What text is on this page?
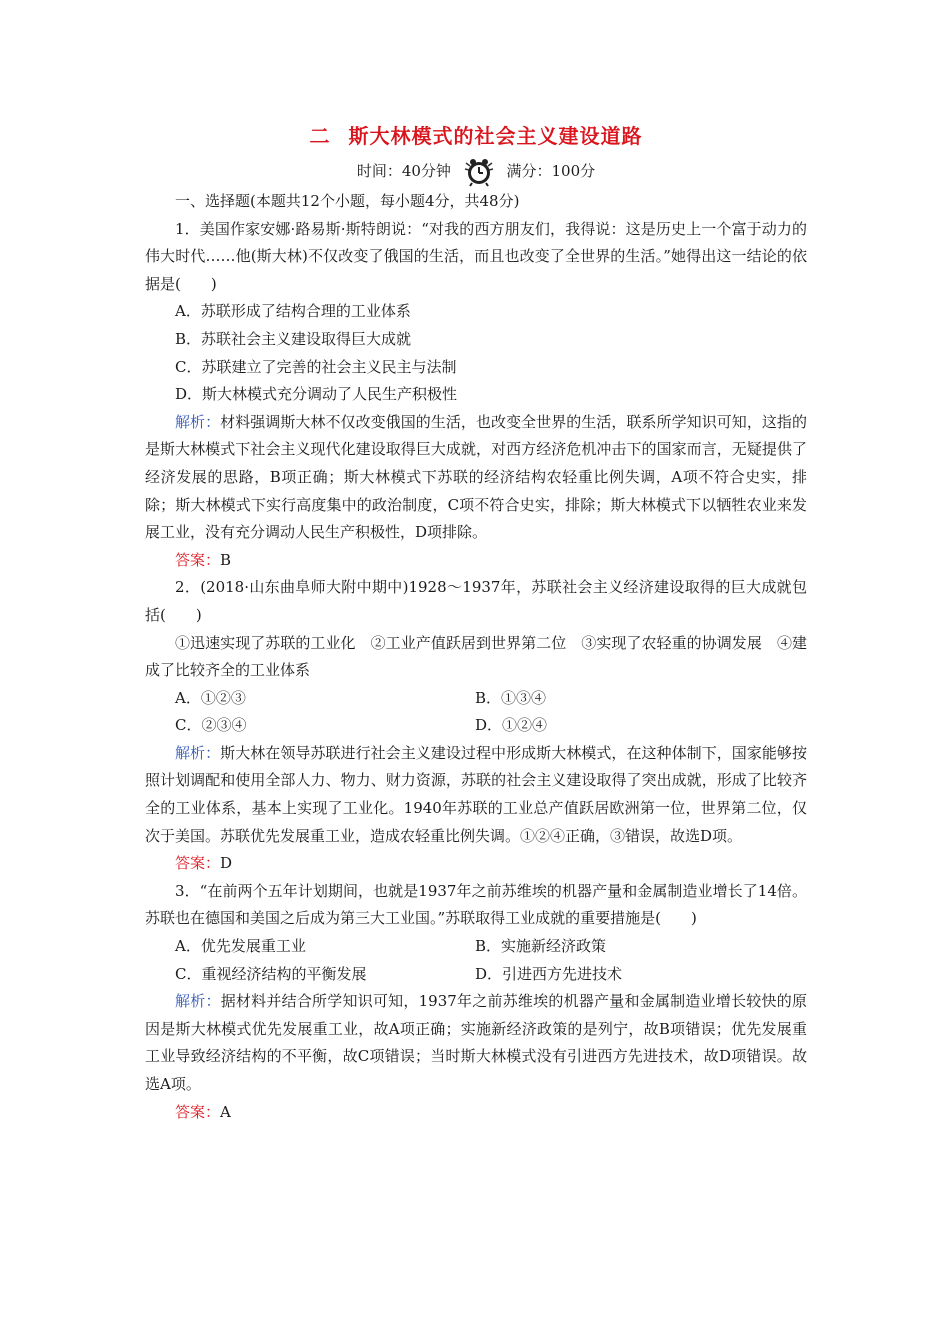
二 斯大林模式的社会主义建设道路
时间：40分钟	满分：100分
一、选择题(本题共12个小题，每小题4分，共48分)

1．美国作家安娜·路易斯·斯特朗说：“对我的西方朋友们，我得说：这是历史上一个富于动力的伟大时代……他(斯大林)不仅改变了俄国的生活，而且也改变了全世界的生活。”她得出这一结论的依据是(　　)

A．苏联形成了结构合理的工业体系
B．苏联社会主义建设取得巨大成就
C．苏联建立了完善的社会主义民主与法制
D．斯大林模式充分调动了人民生产积极性

解析：材料强调斯大林不仅改变俄国的生活，也改变全世界的生活，联系所学知识可知，这指的是斯大林模式下社会主义现代化建设取得巨大成就，对西方经济危机冲击下的国家而言，无疑提供了经济发展的思路，B项正确；斯大林模式下苏联的经济结构农轻重比例失调，A项不符合史实，排除；斯大林模式下实行高度集中的政治制度，C项不符合史实，排除；斯大林模式下以牺牲农业来发展工业，没有充分调动人民生产积极性，D项排除。

答案：B

2．(2018·山东曲阜师大附中期中)1928～1937年，苏联社会主义经济建设取得的巨大成就包括(　　)

①迅速实现了苏联的工业化　②工业产值跃居到世界第二位　③实现了农轻重的协调发展　④建成了比较齐全的工业体系

A．①②③	B．①③④
C．②③④	D．①②④

解析：斯大林在领导苏联进行社会主义建设过程中形成斯大林模式，在这种体制下，国家能够按照计划调配和使用全部人力、物力、财力资源，苏联的社会主义建设取得了突出成就，形成了比较齐全的工业体系，基本上实现了工业化。1940年苏联的工业总产值跃居欧洲第一位，世界第二位，仅次于美国。苏联优先发展重工业，造成农轻重比例失调。①②④正确，③错误，故选D项。

答案：D

3．“在前两个五年计划期间，也就是1937年之前苏维埃的机器产量和金属制造业增长了14倍。苏联也在德国和美国之后成为第三大工业国。”苏联取得工业成就的重要措施是(　　)

A．优先发展重工业	B．实施新经济政策
C．重视经济结构的平衡发展	D．引进西方先进技术

解析：据材料并结合所学知识可知，1937年之前苏维埃的机器产量和金属制造业增长较快的原因是斯大林模式优先发展重工业，故A项正确；实施新经济政策的是列宁，故B项错误；优先发展重工业导致经济结构的不平衡，故C项错误；当时斯大林模式没有引进西方先进技术，故D项错误。故选A项。

答案：A
